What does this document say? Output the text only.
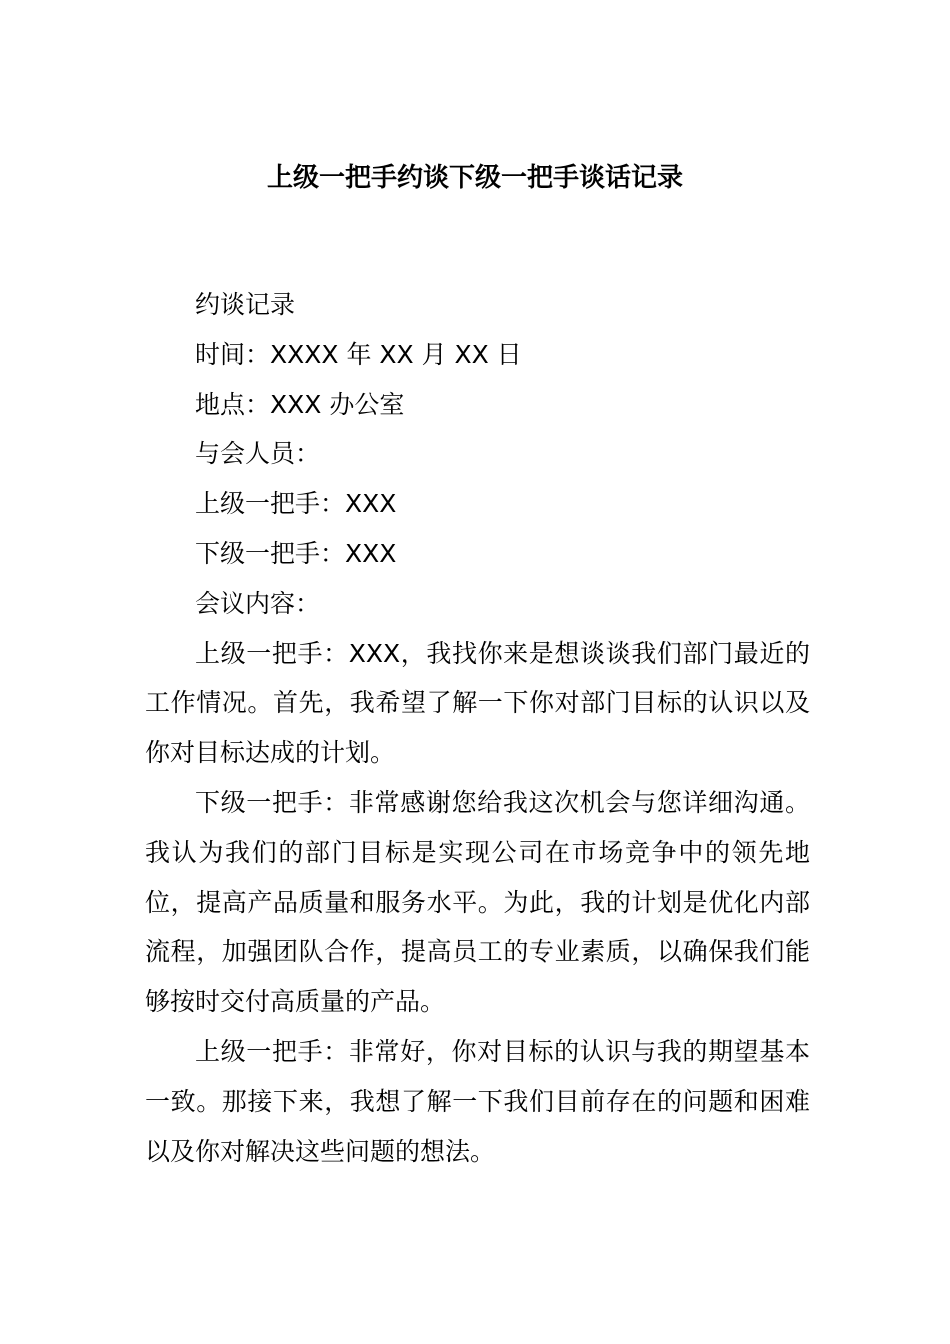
上级一把手约谈下级一把手谈话记录

约谈记录

时间：XXXX 年 XX 月 XX 日

地点：XXX 办公室

与会人员：

上级一把手：XXX

下级一把手：XXX

会议内容：

上级一把手：XXX，我找你来是想谈谈我们部门最近的工作情况。首先，我希望了解一下你对部门目标的认识以及你对目标达成的计划。

下级一把手：非常感谢您给我这次机会与您详细沟通。我认为我们的部门目标是实现公司在市场竞争中的领先地位，提高产品质量和服务水平。为此，我的计划是优化内部流程，加强团队合作，提高员工的专业素质，以确保我们能够按时交付高质量的产品。

上级一把手：非常好，你对目标的认识与我的期望基本一致。那接下来，我想了解一下我们目前存在的问题和困难以及你对解决这些问题的想法。
